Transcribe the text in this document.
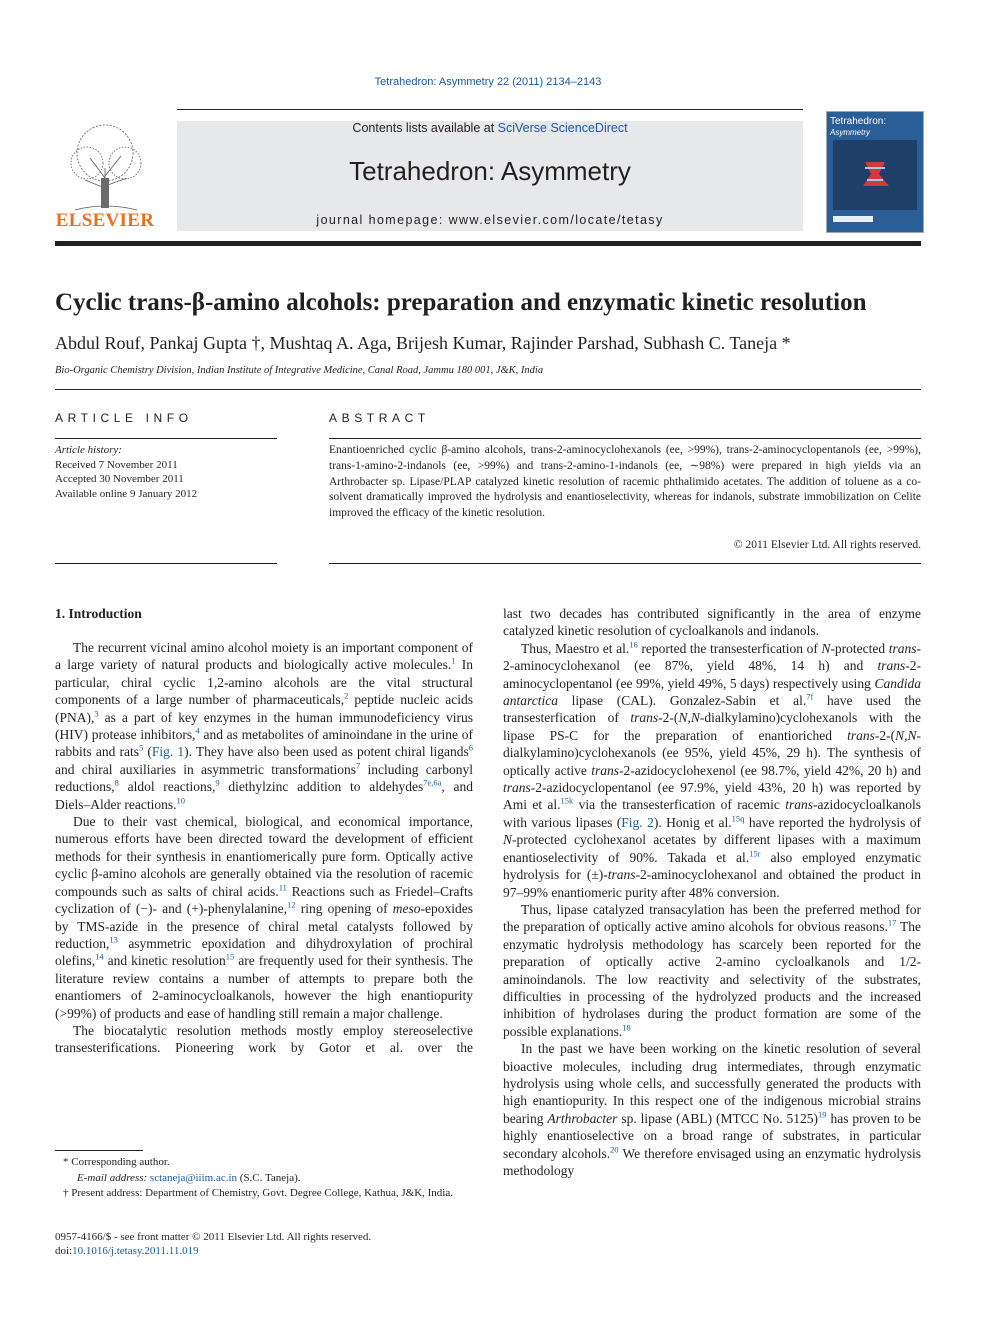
Tetrahedron: Asymmetry 22 (2011) 2134–2143
ELSEVIER
Contents lists available at SciVerse ScienceDirect
Tetrahedron: Asymmetry
journal homepage: www.elsevier.com/locate/tetasy
Tetrahedron:
Asymmetry
Cyclic trans-β-amino alcohols: preparation and enzymatic kinetic resolution
Abdul Rouf, Pankaj Gupta †, Mushtaq A. Aga, Brijesh Kumar, Rajinder Parshad, Subhash C. Taneja *
Bio-Organic Chemistry Division, Indian Institute of Integrative Medicine, Canal Road, Jammu 180 001, J&K, India
ARTICLE INFO
Article history:
Received 7 November 2011
Accepted 30 November 2011
Available online 9 January 2012
ABSTRACT
Enantioenriched cyclic β-amino alcohols, trans-2-aminocyclohexanols (ee, >99%), trans-2-aminocyclopentanols (ee, >99%), trans-1-amino-2-indanols (ee, >99%) and trans-2-amino-1-indanols (ee, ∼98%) were prepared in high yields via an Arthrobacter sp. Lipase/PLAP catalyzed kinetic resolution of racemic phthalimido acetates. The addition of toluene as a co-solvent dramatically improved the hydrolysis and enantioselectivity, whereas for indanols, substrate immobilization on Celite improved the efficacy of the kinetic resolution.
© 2011 Elsevier Ltd. All rights reserved.
1. Introduction

The recurrent vicinal amino alcohol moiety is an important component of a large variety of natural products and biologically active molecules.$^1$ In particular, chiral cyclic 1,2-amino alcohols are the vital structural components of a large number of pharmaceuticals,$^2$ peptide nucleic acids (PNA),$^3$ as a part of key enzymes in the human immunodeficiency virus (HIV) protease inhibitors,$^4$ and as metabolites of aminoindane in the urine of rabbits and rats$^5$ (Fig. 1). They have also been used as potent chiral ligands$^6$ and chiral auxiliaries in asymmetric transformations$^7$ including carbonyl reductions,$^8$ aldol reactions,$^9$ diethylzinc addition to aldehydes$^{7e,6a}$, and Diels–Alder reactions.$^{10}$

Due to their vast chemical, biological, and economical importance, numerous efforts have been directed toward the development of efficient methods for their synthesis in enantiomerically pure form. Optically active cyclic β-amino alcohols are generally obtained via the resolution of racemic compounds such as salts of chiral acids.$^{11}$ Reactions such as Friedel–Crafts cyclization of (−)- and (+)-phenylalanine,$^{12}$ ring opening of meso-epoxides by TMS-azide in the presence of chiral metal catalysts followed by reduction,$^{13}$ asymmetric epoxidation and dihydroxylation of prochiral olefins,$^{14}$ and kinetic resolution$^{15}$ are frequently used for their synthesis. The literature review contains a number of attempts to prepare both the enantiomers of 2-aminocycloalkanols, however the high enantiopurity (>99%) of products and ease of handling still remain a major challenge.

The biocatalytic resolution methods mostly employ stereoselective transesterifications. Pioneering work by Gotor et al. over the

last two decades has contributed significantly in the area of enzyme catalyzed kinetic resolution of cycloalkanols and indanols.

Thus, Maestro et al.$^{16}$ reported the transesterfication of N-protected trans-2-aminocyclohexanol (ee 87%, yield 48%, 14 h) and trans-2-aminocyclopentanol (ee 99%, yield 49%, 5 days) respectively using Candida antarctica lipase (CAL). Gonzalez-Sabin et al.$^{7f}$ have used the transesterfication of trans-2-(N,N-dialkylamino)cyclohexanols with the lipase PS-C for the preparation of enantioriched trans-2-(N,N-dialkylamino)cyclohexanols (ee 95%, yield 45%, 29 h). The synthesis of optically active trans-2-azidocyclohexenol (ee 98.7%, yield 42%, 20 h) and trans-2-azidocyclopentanol (ee 97.9%, yield 43%, 20 h) was reported by Ami et al.$^{15k}$ via the transesterfication of racemic trans-azidocycloalkanols with various lipases (Fig. 2). Honig et al.$^{15q}$ have reported the hydrolysis of N-protected cyclohexanol acetates by different lipases with a maximum enantioselectivity of 90%. Takada et al.$^{15r}$ also employed enzymatic hydrolysis for (±)-trans-2-aminocyclohexanol and obtained the product in 97–99% enantiomeric purity after 48% conversion.

Thus, lipase catalyzed transacylation has been the preferred method for the preparation of optically active amino alcohols for obvious reasons.$^{17}$ The enzymatic hydrolysis methodology has scarcely been reported for the preparation of optically active 2-amino cycloalkanols and 1/2-aminoindanols. The low reactivity and selectivity of the substrates, difficulties in processing of the hydrolyzed products and the increased inhibition of hydrolases during the product formation are some of the possible explanations.$^{18}$

In the past we have been working on the kinetic resolution of several bioactive molecules, including drug intermediates, through enzymatic hydrolysis using whole cells, and successfully generated the products with high enantiopurity. In this respect one of the indigenous microbial strains bearing Arthrobacter sp. lipase (ABL) (MTCC No. 5125)$^{19}$ has proven to be highly enantioselective on a broad range of substrates, in particular secondary alcohols.$^{20}$ We therefore envisaged using an enzymatic hydrolysis methodology

* Corresponding author.
E-mail address: sctaneja@iiim.ac.in (S.C. Taneja).
† Present address: Department of Chemistry, Govt. Degree College, Kathua, J&K, India.
0957-4166/$ - see front matter © 2011 Elsevier Ltd. All rights reserved.
doi:10.1016/j.tetasy.2011.11.019
